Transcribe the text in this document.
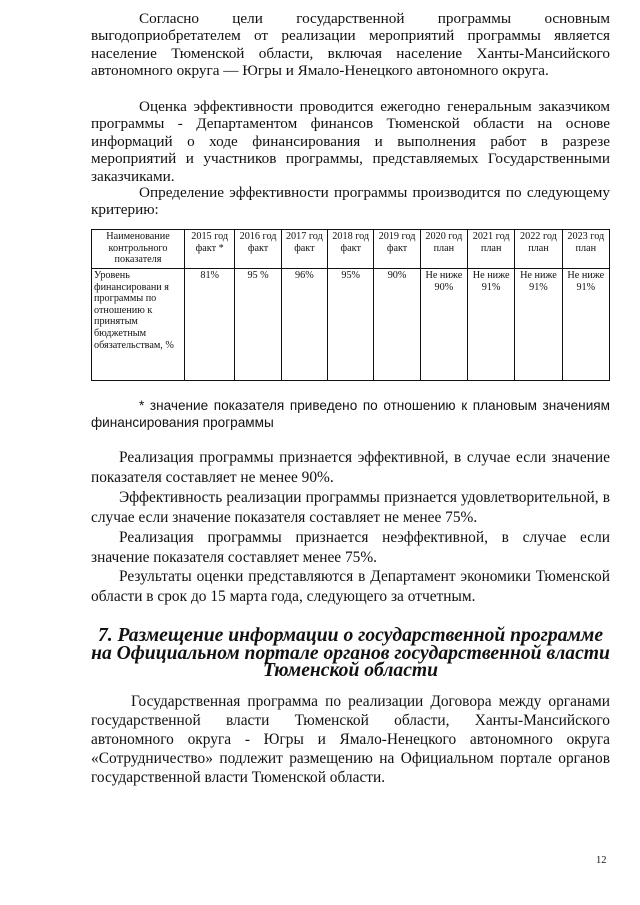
Согласно цели государственной программы основным выгодоприобретателем от реализации мероприятий программы является население Тюменской области, включая население Ханты-Мансийского автономного округа — Югры и Ямало-Ненецкого автономного округа.

Оценка эффективности проводится ежегодно генеральным заказчиком программы - Департаментом финансов Тюменской области на основе информаций о ходе финансирования и выполнения работ в разрезе мероприятий и участников программы, представляемых Государственными заказчиками.

Определение эффективности программы производится по следующему критерию:

Наименование контрольного показателя	2015 год факт *	2016 год факт	2017 год факт	2018 год факт	2019 год факт	2020 год план	2021 год план	2022 год план	2023 год план
Уровень финансировани я программы по отношению к принятым бюджетным обязательствам, %	81%	95 %	96%	95%	90%	Не ниже 90%	Не ниже 91%	Не ниже 91%	Не ниже 91%

* значение показателя приведено по отношению к плановым значениям финансирования программы

Реализация программы признается эффективной, в случае если значение показателя составляет не менее 90%.

Эффективность реализации программы признается удовлетворительной, в случае если значение показателя составляет не менее 75%.

Реализация программы признается неэффективной, в случае если значение показателя составляет менее 75%.

Результаты оценки представляются в Департамент экономики Тюменской области в срок до 15 марта года, следующего за отчетным.

7. Размещение информации о государственной программе на Официальном портале органов государственной власти Тюменской области

Государственная программа по реализации Договора между органами государственной власти Тюменской области, Ханты-Мансийского автономного округа - Югры и Ямало-Ненецкого автономного округа «Сотрудничество» подлежит размещению на Официальном портале органов государственной власти Тюменской области.

12
